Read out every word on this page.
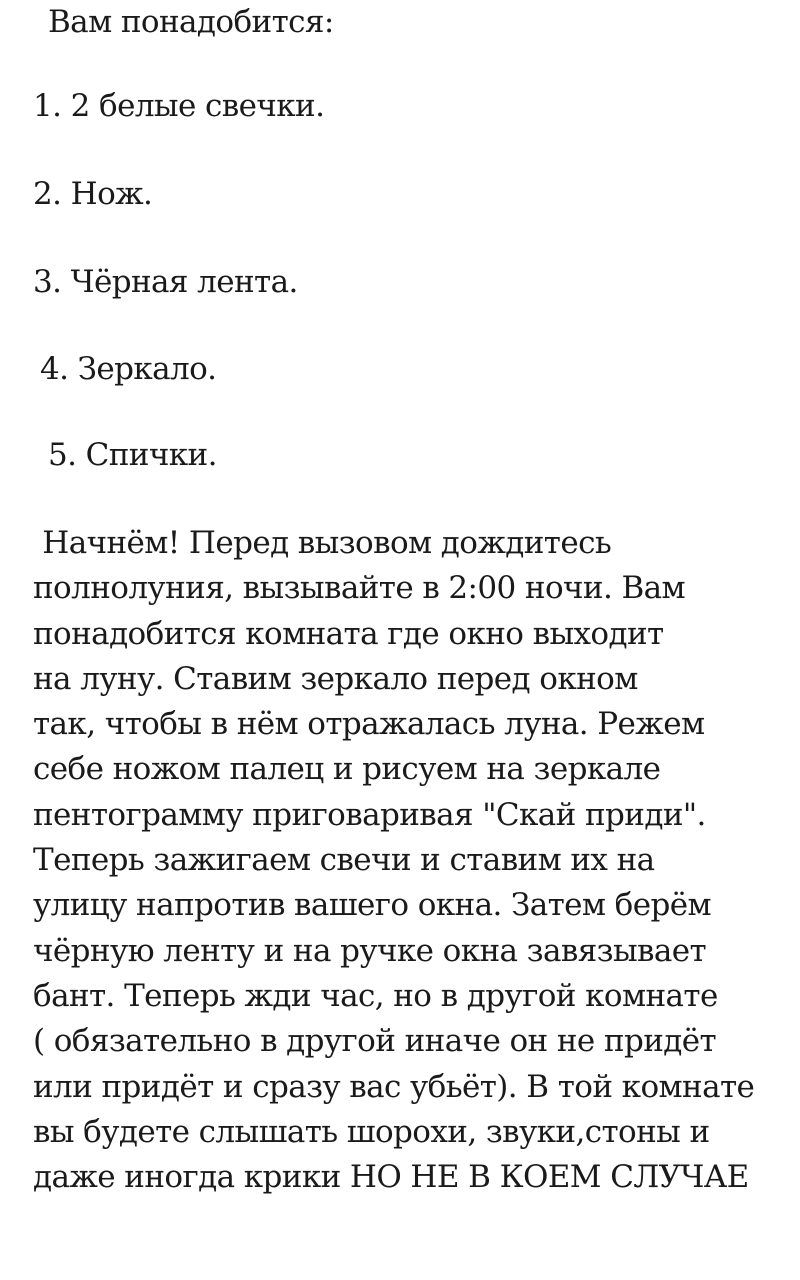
Вам понадобится:

1. 2 белые свечки.

2. Нож.

3. Чёрная лента.

4. Зеркало.

5. Спички.

Начнём! Перед вызовом дождитесь
полнолуния, вызывайте в 2:00 ночи. Вам
понадобится комната где окно выходит
на луну. Ставим зеркало перед окном
так, чтобы в нём отражалась луна. Режем
себе ножом палец и рисуем на зеркале
пентограмму приговаривая "Скай приди".
Теперь зажигаем свечи и ставим их на
улицу напротив вашего окна. Затем берём
чёрную ленту и на ручке окна завязывает
бант. Теперь жди час, но в другой комнате
( обязательно в другой иначе он не придёт
или придёт и сразу вас убьёт). В той комнате
вы будете слышать шорохи, звуки,стоны и
даже иногда крики НО НЕ В КОЕМ СЛУЧАЕ
